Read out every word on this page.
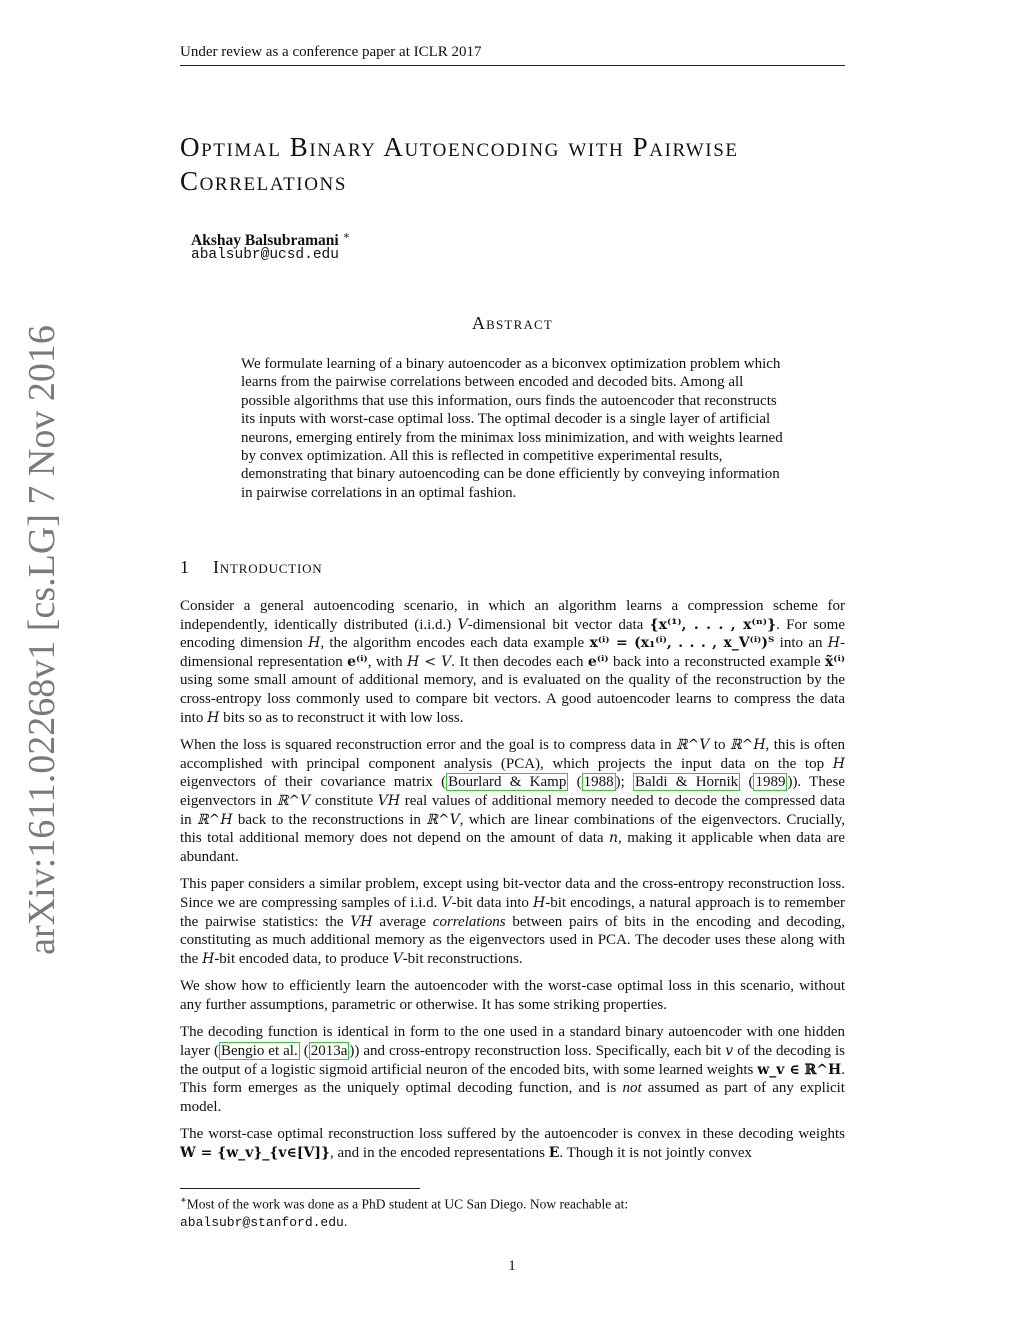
Under review as a conference paper at ICLR 2017
Optimal Binary Autoencoding with Pairwise
Correlations
Akshay Balsubramani ∗
abalsubr@ucsd.edu
Abstract
We formulate learning of a binary autoencoder as a biconvex optimization problem which learns from the pairwise correlations between encoded and decoded bits. Among all possible algorithms that use this information, ours finds the autoencoder that reconstructs its inputs with worst-case optimal loss. The optimal decoder is a single layer of artificial neurons, emerging entirely from the minimax loss minimization, and with weights learned by convex optimization. All this is reflected in competitive experimental results, demonstrating that binary autoencoding can be done efficiently by conveying information in pairwise correlations in an optimal fashion.
1 Introduction

Consider a general autoencoding scenario, in which an algorithm learns a compression scheme for independently, identically distributed (i.i.d.) V-dimensional bit vector data {x⁽¹⁾, . . . , x⁽ⁿ⁾}. For some encoding dimension H, the algorithm encodes each data example x⁽ⁱ⁾ = (x₁⁽ⁱ⁾, . . . , x_V⁽ⁱ⁾)ᵀ into an H-dimensional representation e⁽ⁱ⁾, with H < V. It then decodes each e⁽ⁱ⁾ back into a reconstructed example x̃⁽ⁱ⁾ using some small amount of additional memory, and is evaluated on the quality of the reconstruction by the cross-entropy loss commonly used to compare bit vectors. A good autoencoder learns to compress the data into H bits so as to reconstruct it with low loss.

When the loss is squared reconstruction error and the goal is to compress data in ℝ^V to ℝ^H, this is often accomplished with principal component analysis (PCA), which projects the input data on the top H eigenvectors of their covariance matrix ( Bourlard & Kamp ( 1988 ); Baldi & Hornik ( 1989 )). These eigenvectors in ℝ^V constitute VH real values of additional memory needed to decode the compressed data in ℝ^H back to the reconstructions in ℝ^V, which are linear combinations of the eigenvectors. Crucially, this total additional memory does not depend on the amount of data n, making it applicable when data are abundant.

This paper considers a similar problem, except using bit-vector data and the cross-entropy reconstruction loss. Since we are compressing samples of i.i.d. V-bit data into H-bit encodings, a natural approach is to remember the pairwise statistics: the VH average correlations between pairs of bits in the encoding and decoding, constituting as much additional memory as the eigenvectors used in PCA. The decoder uses these along with the H-bit encoded data, to produce V-bit reconstructions.

We show how to efficiently learn the autoencoder with the worst-case optimal loss in this scenario, without any further assumptions, parametric or otherwise. It has some striking properties.

The decoding function is identical in form to the one used in a standard binary autoencoder with one hidden layer ( Bengio et al. ( 2013a )) and cross-entropy reconstruction loss. Specifically, each bit v of the decoding is the output of a logistic sigmoid artificial neuron of the encoded bits, with some learned weights w_v ∈ ℝ^H. This form emerges as the uniquely optimal decoding function, and is not assumed as part of any explicit model.

The worst-case optimal reconstruction loss suffered by the autoencoder is convex in these decoding weights W = {w_v}_{v∈[V]}, and in the encoded representations E. Though it is not jointly convex

arXiv:1611.02268v1 [cs.LG] 7 Nov 2016
∗Most of the work was done as a PhD student at UC San Diego. Now reachable at:
abalsubr@stanford.edu.
1
